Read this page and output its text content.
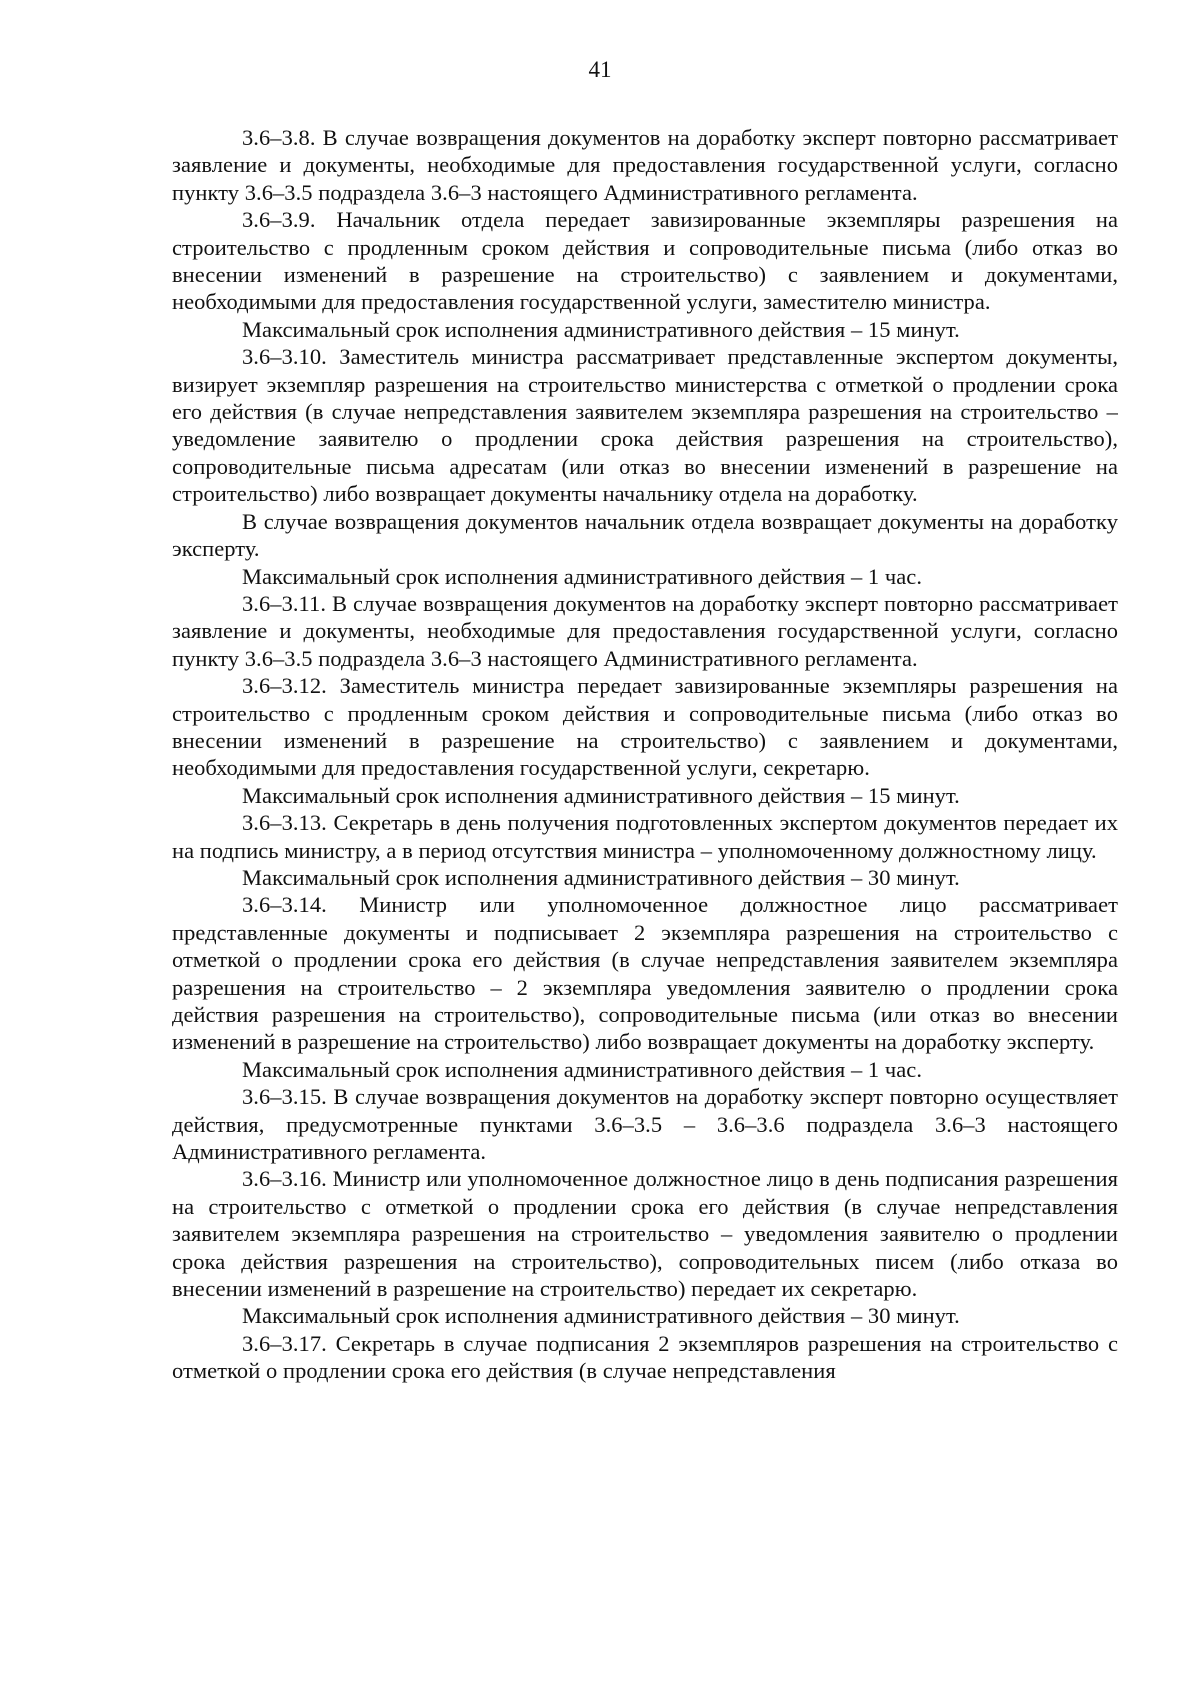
41

3.6–3.8. В случае возвращения документов на доработку эксперт повторно рассматривает заявление и документы, необходимые для предоставления государственной услуги, согласно пункту 3.6–3.5 подраздела 3.6–3 настоящего Административного регламента.

3.6–3.9. Начальник отдела передает завизированные экземпляры разрешения на строительство с продленным сроком действия и сопроводительные письма (либо отказ во внесении изменений в разрешение на строительство) с заявлением и документами, необходимыми для предоставления государственной услуги, заместителю министра.

Максимальный срок исполнения административного действия – 15 минут.

3.6–3.10. Заместитель министра рассматривает представленные экспертом документы, визирует экземпляр разрешения на строительство министерства с отметкой о продлении срока его действия (в случае непредставления заявителем экземпляра разрешения на строительство – уведомление заявителю о продлении срока действия разрешения на строительство), сопроводительные письма адресатам (или отказ во внесении изменений в разрешение на строительство) либо возвращает документы начальнику отдела на доработку.

В случае возвращения документов начальник отдела возвращает документы на доработку эксперту.

Максимальный срок исполнения административного действия – 1 час.

3.6–3.11. В случае возвращения документов на доработку эксперт повторно рассматривает заявление и документы, необходимые для предоставления государственной услуги, согласно пункту 3.6–3.5 подраздела 3.6–3 настоящего Административного регламента.

3.6–3.12. Заместитель министра передает завизированные экземпляры разрешения на строительство с продленным сроком действия и сопроводительные письма (либо отказ во внесении изменений в разрешение на строительство) с заявлением и документами, необходимыми для предоставления государственной услуги, секретарю.

Максимальный срок исполнения административного действия – 15 минут.

3.6–3.13. Секретарь в день получения подготовленных экспертом документов передает их на подпись министру, а в период отсутствия министра – уполномоченному должностному лицу.

Максимальный срок исполнения административного действия – 30 минут.

3.6–3.14. Министр или уполномоченное должностное лицо рассматривает представленные документы и подписывает 2 экземпляра разрешения на строительство с отметкой о продлении срока его действия (в случае непредставления заявителем экземпляра разрешения на строительство – 2 экземпляра уведомления заявителю о продлении срока действия разрешения на строительство), сопроводительные письма (или отказ во внесении изменений в разрешение на строительство) либо возвращает документы на доработку эксперту.

Максимальный срок исполнения административного действия – 1 час.

3.6–3.15. В случае возвращения документов на доработку эксперт повторно осуществляет действия, предусмотренные пунктами 3.6–3.5 – 3.6–3.6 подраздела 3.6–3 настоящего Административного регламента.

3.6–3.16. Министр или уполномоченное должностное лицо в день подписания разрешения на строительство с отметкой о продлении срока его действия (в случае непредставления заявителем экземпляра разрешения на строительство – уведомления заявителю о продлении срока действия разрешения на строительство), сопроводительных писем (либо отказа во внесении изменений в разрешение на строительство) передает их секретарю.

Максимальный срок исполнения административного действия – 30 минут.

3.6–3.17. Секретарь в случае подписания 2 экземпляров разрешения на строительство с отметкой о продлении срока его действия (в случае непредставления
